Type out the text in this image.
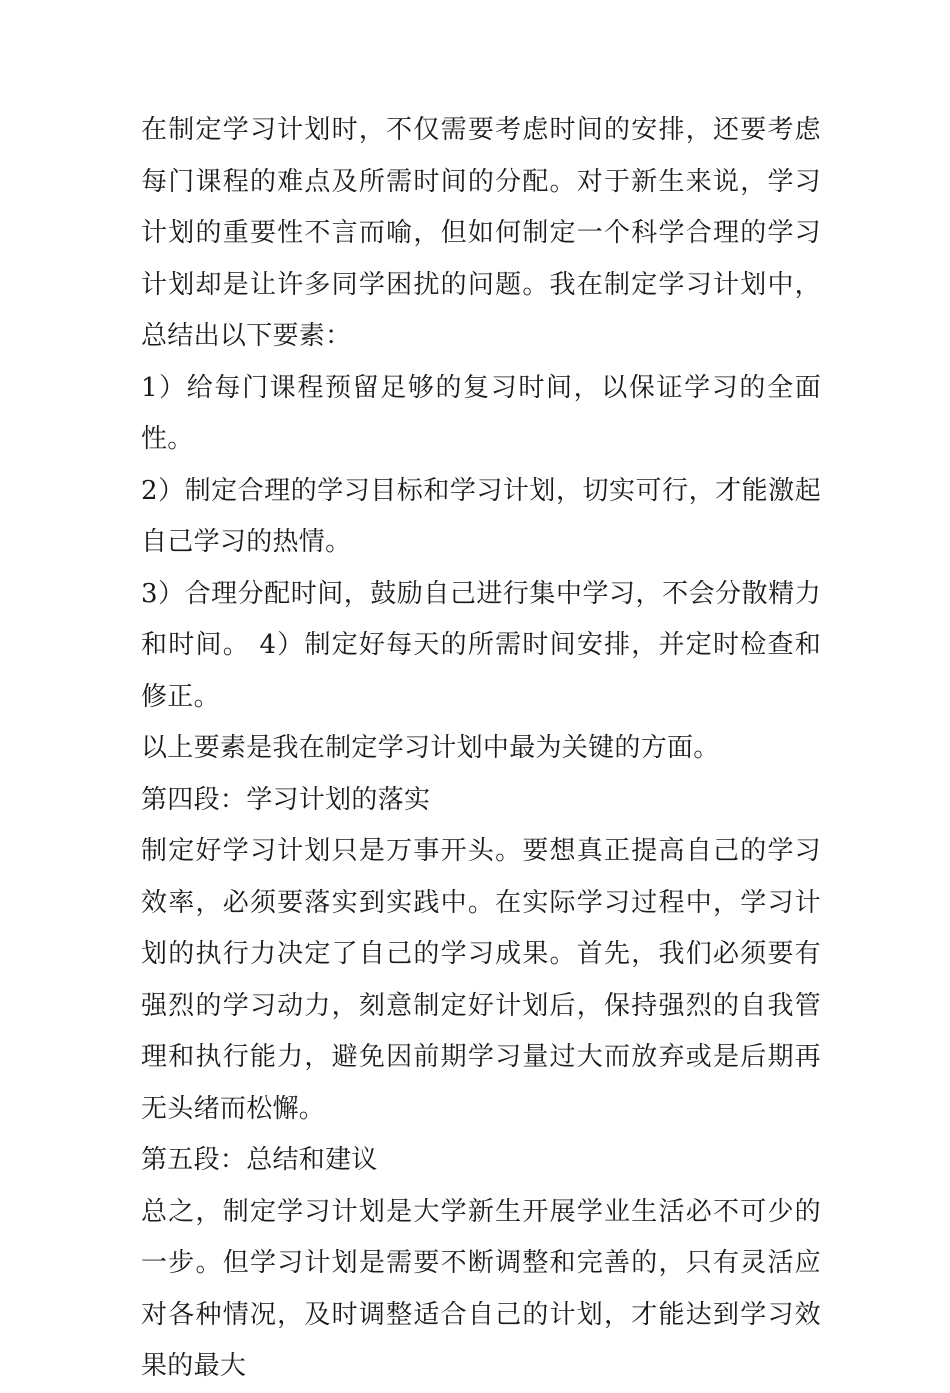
在制定学习计划时，不仅需要考虑时间的安排，还要考虑每门课程的难点及所需时间的分配。对于新生来说，学习计划的重要性不言而喻，但如何制定一个科学合理的学习计划却是让许多同学困扰的问题。我在制定学习计划中，总结出以下要素：

1）给每门课程预留足够的复习时间，以保证学习的全面性。

2）制定合理的学习目标和学习计划，切实可行，才能激起自己学习的热情。

3）合理分配时间，鼓励自己进行集中学习，不会分散精力和时间。 4）制定好每天的所需时间安排，并定时检查和修正。

以上要素是我在制定学习计划中最为关键的方面。

第四段：学习计划的落实

制定好学习计划只是万事开头。要想真正提高自己的学习效率，必须要落实到实践中。在实际学习过程中，学习计划的执行力决定了自己的学习成果。首先，我们必须要有强烈的学习动力，刻意制定好计划后，保持强烈的自我管理和执行能力，避免因前期学习量过大而放弃或是后期再无头绪而松懈。

第五段：总结和建议

总之，制定学习计划是大学新生开展学业生活必不可少的一步。但学习计划是需要不断调整和完善的，只有灵活应对各种情况，及时调整适合自己的计划，才能达到学习效果的最大
